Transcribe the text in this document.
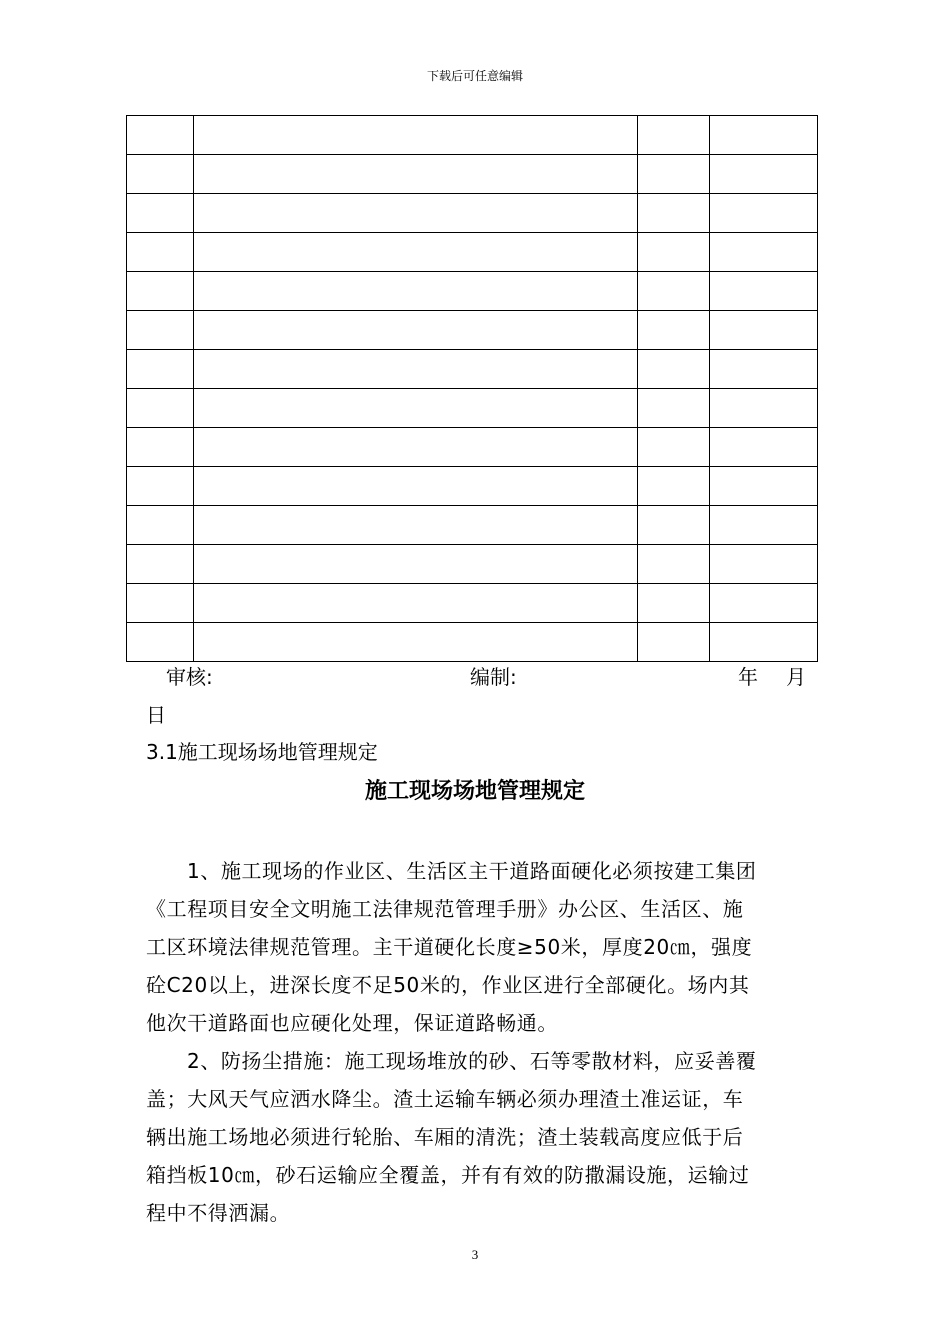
下载后可任意编辑

审核:	编制:	年 月
日
3.1施工现场场地管理规定
施工现场场地管理规定
1、施工现场的作业区、生活区主干道路面硬化必须按建工集团
《工程项目安全文明施工法律规范管理手册》办公区、生活区、施
工区环境法律规范管理。主干道硬化长度≥50米，厚度20㎝，强度
砼C20以上，进深长度不足50米的，作业区进行全部硬化。场内其
他次干道路面也应硬化处理，保证道路畅通。
2、防扬尘措施：施工现场堆放的砂、石等零散材料，应妥善覆
盖；大风天气应洒水降尘。渣土运输车辆必须办理渣土准运证，车
辆出施工场地必须进行轮胎、车厢的清洗；渣土装载高度应低于后
箱挡板10㎝，砂石运输应全覆盖，并有有效的防撒漏设施，运输过
程中不得洒漏。
3
